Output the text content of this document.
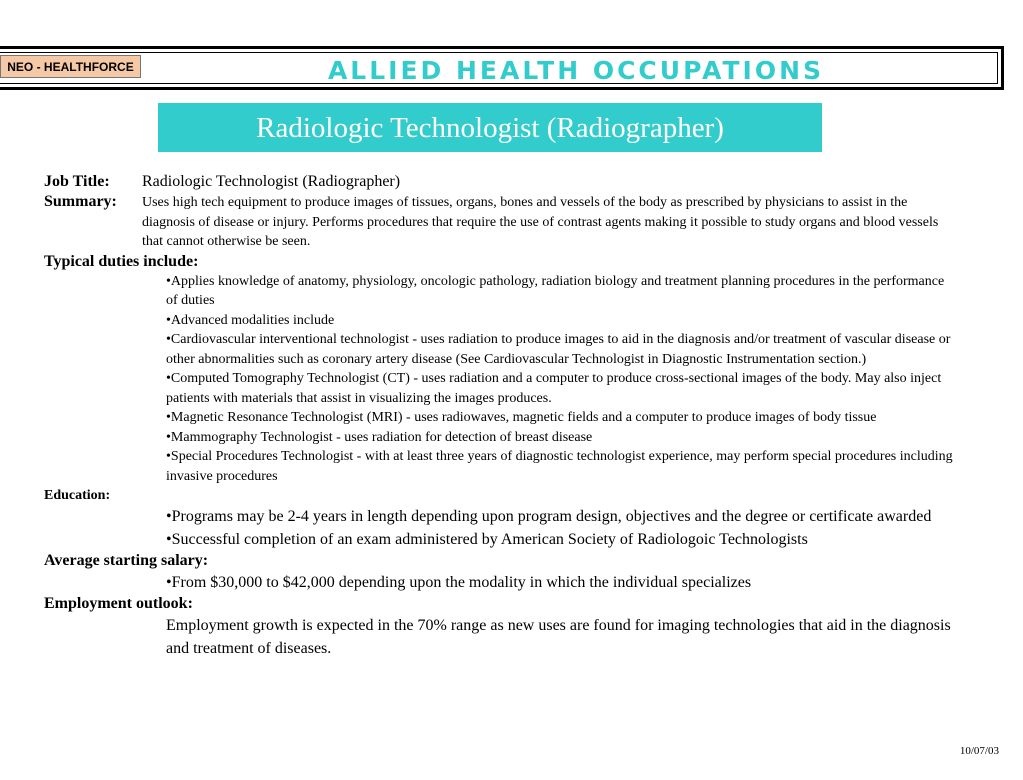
NEO - HEALTHFORCE	ALLIED HEALTH OCCUPATIONS
Radiologic Technologist (Radiographer)
Job Title: Radiologic Technologist (Radiographer)
Summary:	Uses high tech equipment to produce images of tissues, organs, bones and vessels of the body as prescribed by physicians to assist in the diagnosis of disease or injury. Performs procedures that require the use of contrast agents making it possible to study organs and blood vessels that cannot otherwise be seen.
Typical duties include:
•Applies knowledge of anatomy, physiology, oncologic pathology, radiation biology and treatment planning procedures in the performance of duties
•Advanced modalities include
•Cardiovascular interventional technologist - uses radiation to produce images to aid in the diagnosis and/or treatment of vascular disease or other abnormalities such as coronary artery disease (See Cardiovascular Technologist in Diagnostic Instrumentation section.)
•Computed Tomography Technologist (CT) - uses radiation and a computer to produce cross-sectional images of the body. May also inject patients with materials that assist in visualizing the images produces.
•Magnetic Resonance Technologist (MRI) - uses radiowaves, magnetic fields and a computer to produce images of body tissue
•Mammography Technologist - uses radiation for detection of breast disease
•Special Procedures Technologist - with at least three years of diagnostic technologist experience, may perform special procedures including invasive procedures
Education:
•Programs may be 2-4 years in length depending upon program design, objectives and the degree or certificate awarded
•Successful completion of an exam administered by American Society of Radiologoic Technologists
Average starting salary:
•From $30,000 to $42,000 depending upon the modality in which the individual specializes
Employment outlook:
Employment growth is expected in the 70% range as new uses are found for imaging technologies that aid in the diagnosis and treatment of diseases.
10/07/03
